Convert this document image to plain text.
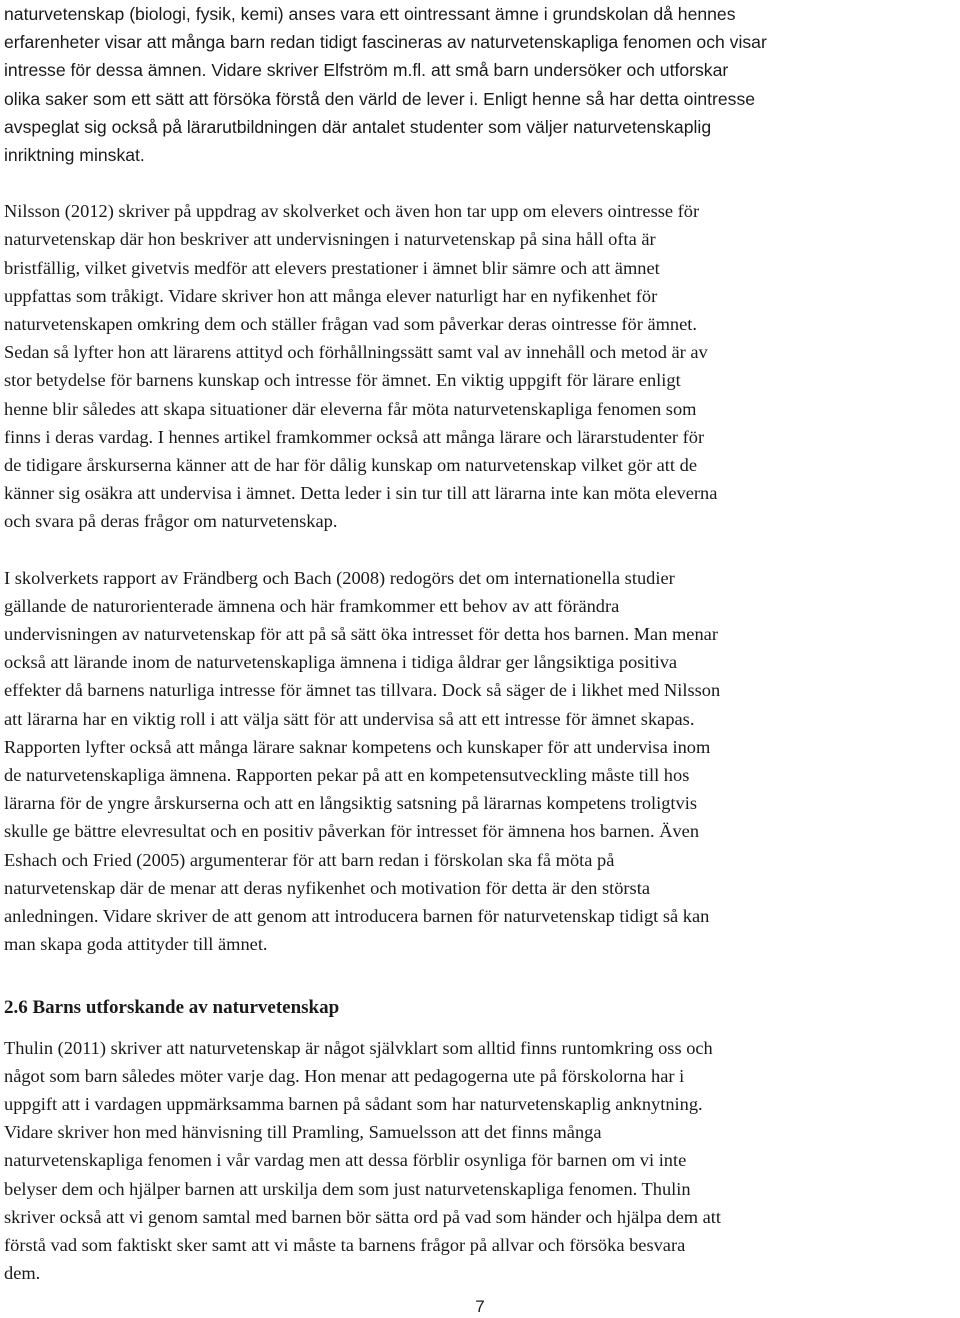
naturvetenskap (biologi, fysik, kemi) anses vara ett ointressant ämne i grundskolan då hennes
erfarenheter visar att många barn redan tidigt fascineras av naturvetenskapliga fenomen och visar
intresse för dessa ämnen. Vidare skriver Elfström m.fl. att små barn undersöker och utforskar
olika saker som ett sätt att försöka förstå den värld de lever i. Enligt henne så har detta ointresse
avspeglat sig också på lärarutbildningen där antalet studenter som väljer naturvetenskaplig
inriktning minskat.

Nilsson (2012) skriver på uppdrag av skolverket och även hon tar upp om elevers ointresse för
naturvetenskap där hon beskriver att undervisningen i naturvetenskap på sina håll ofta är
bristfällig, vilket givetvis medför att elevers prestationer i ämnet blir sämre och att ämnet
uppfattas som tråkigt. Vidare skriver hon att många elever naturligt har en nyfikenhet för
naturvetenskapen omkring dem och ställer frågan vad som påverkar deras ointresse för ämnet.
Sedan så lyfter hon att lärarens attityd och förhållningssätt samt val av innehåll och metod är av
stor betydelse för barnens kunskap och intresse för ämnet. En viktig uppgift för lärare enligt
henne blir således att skapa situationer där eleverna får möta naturvetenskapliga fenomen som
finns i deras vardag. I hennes artikel framkommer också att många lärare och lärarstudenter för
de tidigare årskurserna känner att de har för dålig kunskap om naturvetenskap vilket gör att de
känner sig osäkra att undervisa i ämnet. Detta leder i sin tur till att lärarna inte kan möta eleverna
och svara på deras frågor om naturvetenskap.

I skolverkets rapport av Frändberg och Bach (2008) redogörs det om internationella studier
gällande de naturorienterade ämnena och här framkommer ett behov av att förändra
undervisningen av naturvetenskap för att på så sätt öka intresset för detta hos barnen. Man menar
också att lärande inom de naturvetenskapliga ämnena i tidiga åldrar ger långsiktiga positiva
effekter då barnens naturliga intresse för ämnet tas tillvara. Dock så säger de i likhet med Nilsson
att lärarna har en viktig roll i att välja sätt för att undervisa så att ett intresse för ämnet skapas.
Rapporten lyfter också att många lärare saknar kompetens och kunskaper för att undervisa inom
de naturvetenskapliga ämnena. Rapporten pekar på att en kompetensutveckling måste till hos
lärarna för de yngre årskurserna och att en långsiktig satsning på lärarnas kompetens troligtvis
skulle ge bättre elevresultat och en positiv påverkan för intresset för ämnena hos barnen. Även
Eshach och Fried (2005) argumenterar för att barn redan i förskolan ska få möta på
naturvetenskap där de menar att deras nyfikenhet och motivation för detta är den största
anledningen. Vidare skriver de att genom att introducera barnen för naturvetenskap tidigt så kan
man skapa goda attityder till ämnet.

2.6 Barns utforskande av naturvetenskap

Thulin (2011) skriver att naturvetenskap är något självklart som alltid finns runtomkring oss och
något som barn således möter varje dag. Hon menar att pedagogerna ute på förskolorna har i
uppgift att i vardagen uppmärksamma barnen på sådant som har naturvetenskaplig anknytning.
Vidare skriver hon med hänvisning till Pramling, Samuelsson att det finns många
naturvetenskapliga fenomen i vår vardag men att dessa förblir osynliga för barnen om vi inte
belyser dem och hjälper barnen att urskilja dem som just naturvetenskapliga fenomen. Thulin
skriver också att vi genom samtal med barnen bör sätta ord på vad som händer och hjälpa dem att
förstå vad som faktiskt sker samt att vi måste ta barnens frågor på allvar och försöka besvara
dem.

7
